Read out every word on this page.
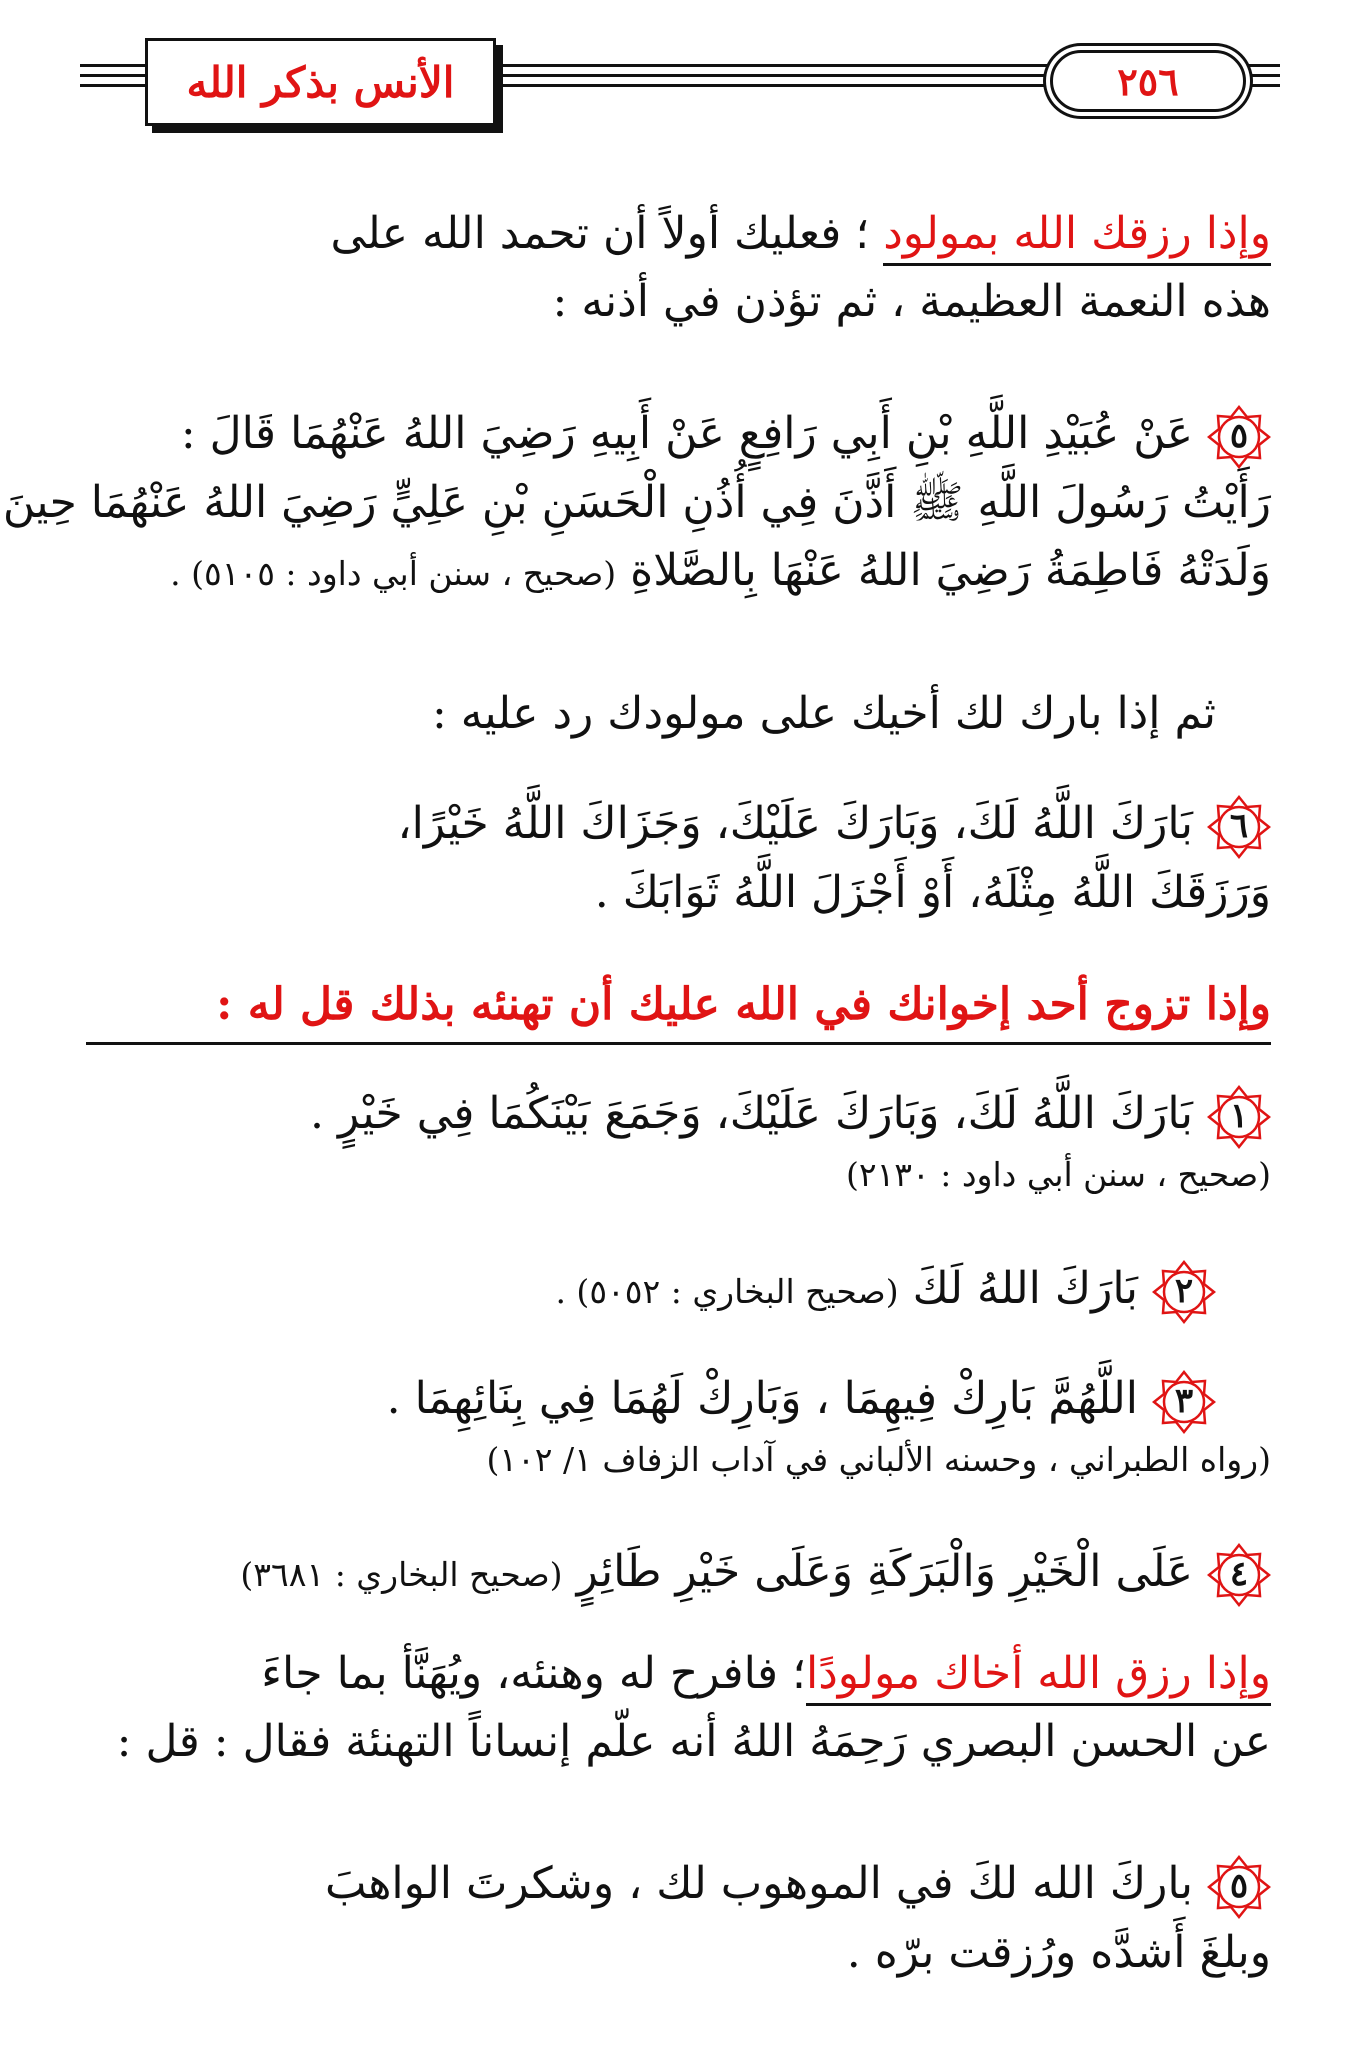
الأنس بذكر الله	٢٥٦
وإذا رزقك الله بمولود ؛ فعليك أولاً أن تحمد الله على
هذه النعمة العظيمة ، ثم تؤذن في أذنه :
٥
عَنْ عُبَيْدِ اللَّهِ بْنِ أَبِي رَافِعٍ عَنْ أَبِيهِ رَضِيَ اللهُ عَنْهُمَا قَالَ :
رَأَيْتُ رَسُولَ اللَّهِ ﷺ أَذَّنَ فِي أُذُنِ الْحَسَنِ بْنِ عَلِيٍّ رَضِيَ اللهُ عَنْهُمَا حِينَ
وَلَدَتْهُ فَاطِمَةُ رَضِيَ اللهُ عَنْهَا بِالصَّلاةِ (صحيح ، سنن أبي داود : ٥١٠٥) .
ثم إذا بارك لك أخيك على مولودك رد عليه :
٦
بَارَكَ اللَّهُ لَكَ، وَبَارَكَ عَلَيْكَ، وَجَزَاكَ اللَّهُ خَيْرًا،
وَرَزَقَكَ اللَّهُ مِثْلَهُ، أَوْ أَجْزَلَ اللَّهُ ثَوَابَكَ .
وإذا تزوج أحد إخوانك في الله عليك أن تهنئه بذلك قل له :
١
بَارَكَ اللَّهُ لَكَ، وَبَارَكَ عَلَيْكَ، وَجَمَعَ بَيْنَكُمَا فِي خَيْرٍ .
(صحيح ، سنن أبي داود : ٢١٣٠)
٢
بَارَكَ اللهُ لَكَ (صحيح البخاري : ٥٠٥٢) .
٣
اللَّهُمَّ بَارِكْ فِيهِمَا ، وَبَارِكْ لَهُمَا فِي بِنَائِهِمَا .
(رواه الطبراني ، وحسنه الألباني في آداب الزفاف ١/ ١٠٢)
٤
عَلَى الْخَيْرِ وَالْبَرَكَةِ وَعَلَى خَيْرِ طَائِرٍ (صحيح البخاري : ٣٦٨١)
وإذا رزق الله أخاك مولودًا؛ فافرح له وهنئه، ويُهَنَّأ بما جاءَ
عن الحسن البصري رَحِمَهُ اللهُ أنه علّم إنساناً التهنئة فقال : قل :
٥
باركَ الله لكَ في الموهوب لك ، وشكرتَ الواهبَ
وبلغَ أَشدَّه ورُزقت برّه .
